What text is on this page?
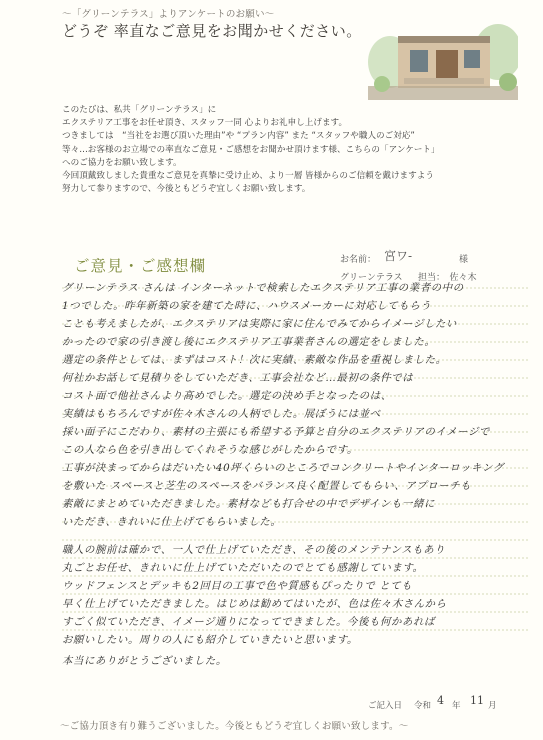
～「グリーンテラス」よりアンケートのお願い～
どうぞ 率直なご意見をお聞かせください。

このたびは、私共「グリーンテラス」に

エクステリア工事をお任せ頂き、スタッフ一同 心よりお礼申し上げます。

つきましては　“当社をお選び頂いた理由”や “プラン内容” また “スタッフや職人のご対応”

等々…お客様のお立場での率直なご意見・ご感想をお聞かせ頂けます様、こちらの「アンケート」

へのご協力をお願い致します。

今回頂戴致しました貴重なご意見を真摯に受け止め、より一層 皆様からのご信頼を戴けますよう

努力して参りますので、今後ともどうぞ宜しくお願い致します。

ご意見・ご感想欄	お名前： 宮ワ-	様
グリーンテラス 担当：　佐々木
グリーンテラス さんは インターネットで検索したエクステリア工事の業者の中の
1つでした。昨年新築の家を建てた時に、ハウスメーカーに対応してもらう
ことも考えましたが、エクステリアは実際に家に住んでみてからイメージしたい
かったので家の引き渡し後にエクステリア工事業者さんの選定をしました。
選定の条件としては、まずはコスト！次に実績、素敵な作品を重視しました。
何社かお話して見積りをしていただき、工事会社など…最初の条件では
コスト面で他社さんより高めでした。選定の決め手となったのは、
実績はもちろんですが佐々木さんの人柄でした。展ぼうには並べ
採い面子にこだわり、素材の主張にも希望する予算と自分のエクステリアのイメージで
この人なら色を引き出してくれそうな感じがしたからです。
工事が決まってからはだいたい40坪くらいのところでコンクリートやインターロッキング
を敷いた スペースと芝生のスペースをバランス良く配置してもらい、アプローチも
素敵にまとめていただきました。素材なども打合せの中でデザインも一緒に
いただき、きれいに仕上げてもらいました。
職人の腕前は確かで、一人で仕上げていただき、その後のメンテナンスもあり
丸ごとお任せ、きれいに仕上げていただいたのでとても感謝しています。
ウッドフェンスとデッキも2回目の工事で色や質感もぴったりで とても
早く仕上げていただきました。はじめは勧めてはいたが、色は佐々木さんから
すごく似ていただき、イメージ通りになってできました。今後も何かあれば
お願いしたい。周りの人にも紹介していきたいと思います。
本当にありがとうございました。
ご記入日 令和 4 年 11 月
～ご協力頂き有り難うございました。今後ともどうぞ宜しくお願い致します。～
